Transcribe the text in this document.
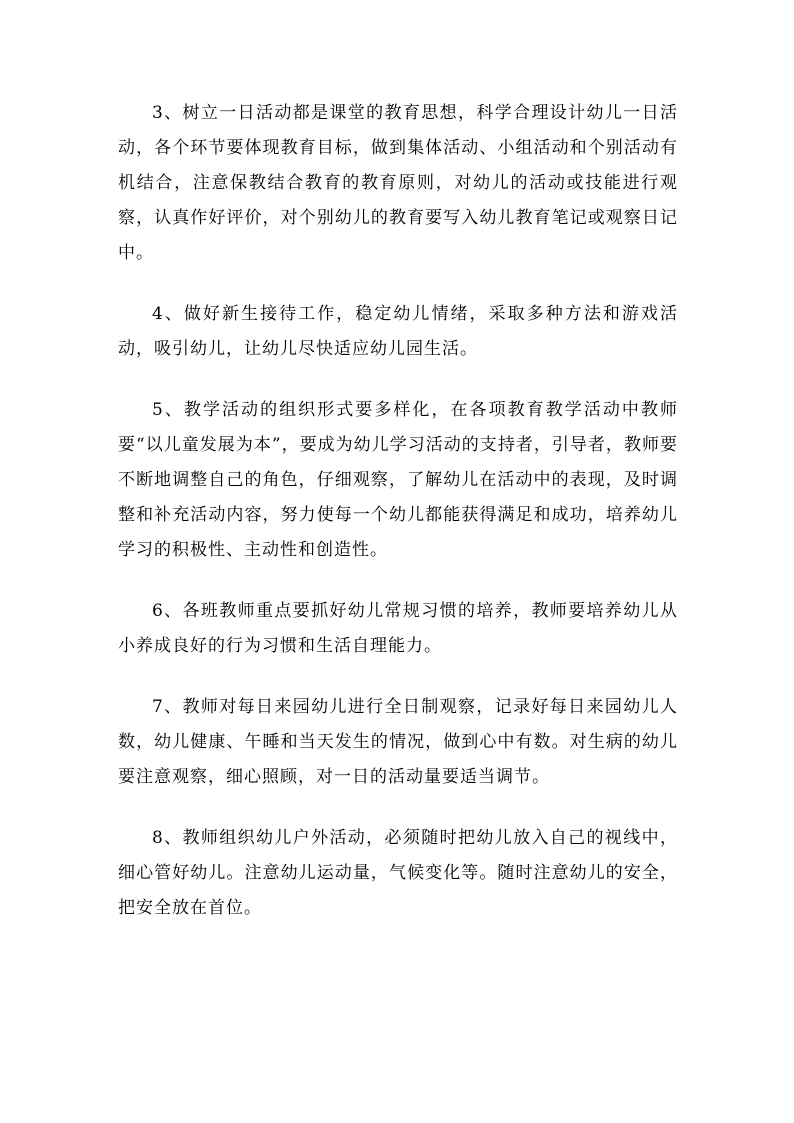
3、树立一日活动都是课堂的教育思想，科学合理设计幼儿一日活动，各个环节要体现教育目标，做到集体活动、小组活动和个别活动有机结合，注意保教结合教育的教育原则，对幼儿的活动或技能进行观察，认真作好评价，对个别幼儿的教育要写入幼儿教育笔记或观察日记中。

4、做好新生接待工作，稳定幼儿情绪，采取多种方法和游戏活动，吸引幼儿，让幼儿尽快适应幼儿园生活。

5、教学活动的组织形式要多样化，在各项教育教学活动中教师要“以儿童发展为本”，要成为幼儿学习活动的支持者，引导者，教师要不断地调整自己的角色，仔细观察，了解幼儿在活动中的表现，及时调整和补充活动内容，努力使每一个幼儿都能获得满足和成功，培养幼儿学习的积极性、主动性和创造性。

6、各班教师重点要抓好幼儿常规习惯的培养，教师要培养幼儿从小养成良好的行为习惯和生活自理能力。

7、教师对每日来园幼儿进行全日制观察，记录好每日来园幼儿人数，幼儿健康、午睡和当天发生的情况，做到心中有数。对生病的幼儿要注意观察，细心照顾，对一日的活动量要适当调节。

8、教师组织幼儿户外活动，必须随时把幼儿放入自己的视线中，细心管好幼儿。注意幼儿运动量，气候变化等。随时注意幼儿的安全，把安全放在首位。
